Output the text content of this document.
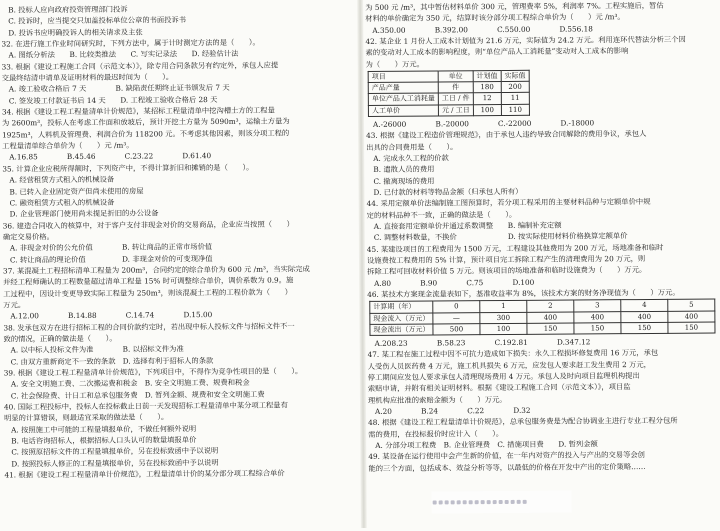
B. 投标人应向政府投资管理部门投诉
C. 投诉时，应当提交只加盖投标单位公章的书面投诉书
D. 投诉书应明确投诉人的相关请求及主张
32. 在进行施工作业时间研究时，下列方法中，属于计时测定方法的是（　　）。
A. 图纸分析法　　B. 比较类推法　　C. 写实记录法　　D. 经验估计法
33. 根据《建设工程施工合同（示范文本）》，除专用合同条款另有约定外，承包人应提
交最终结清申请单及证明材料的最迟时间为（　　）。
A. 竣工验收合格后 7 天　　　　B. 缺陷责任期终止证书颁发后 7 天
C. 签发竣工付款证书后 14 天　　D. 工程竣工验收合格后 28 天
34. 根据《建设工程工程量清单计价规范》，某招标工程量清单中挖沟槽土方的工程量
为 2600m³，投标人在考虑工作面和放坡后，预计开挖土方量为 5090m³，运输土方量为
1925m³，人料机及管理费、利润合价为 118200 元。不考虑其他因素，则该分项工程的
工程量清单综合单价为（　　）元 /m³。
A.16.85　　　　B.45.46　　　　C.23.22　　　　D.61.40
35. 计算企业应税所得额时，下列资产中，不得计算折旧和摊销的是（　　）。
A. 经营租赁方式租入的机械设备
B. 已转入企业固定资产但尚未使用的房屋
C. 融资租赁方式租入的机械设备
D. 企业管理部门使用尚未提足折旧的办公设备
36. 建造合同收入的核算中，对于客户支付非现金对价的交易商品，企业应当按照（　　）
确定交易价格。
A. 非现金对价的公允价值　　　　B. 转让商品的正常市场价值
C. 转让商品的理论价值　　　　　D. 非现金对价的可变现净值
37. 某混凝土工程招标清单工程量为 200m³，合同约定的综合单价为 600 元 /m³，当实际完成
并经工程师确认的工程数量超过清单工程量 15% 时可调整综合单价，调价系数为 0.9。施
工过程中，因设计变更导致实际工程量为 250m³，则该混凝土工程的工程价款为（　　）
万元。
A.12.00　　　　B.14.88　　　　C.14.74　　　　D.15.00
38. 发承包双方在进行招标工程的合同价款约定时，若出现中标人投标文件与招标文件不一
致的情况，正确的做法是（　　）。
A. 以中标人投标文件为准　　　　B. 以招标文件为准
C. 由双方重新商定不一致的条款　D. 选择有利于招标人的条款
39. 根据《建设工程工程量清单计价规范》，下列项目中，不得作为竞争性项目的是（　　）。
A. 安全文明施工费、二次搬运费和税金　B. 安全文明施工费、规费和税金
C. 社会保险费、计日工和总承包服务费　D. 暂列金额、规费和安全文明施工费
40. 国际工程投标中，投标人在投标截止日前一天发现招标工程量清单中某分项工程量有
明显的计算错误，则最适宜采取的做法是（　　）。
A. 按照施工中可能的工程量填报单价，不做任何额外说明
B. 电话咨询招标人，根据招标人口头认可的数量填报单价
C. 按照原招标文件的工程量填报单价，另在投标致函中予以说明
D. 按照投标人修正的工程量填报单价，另在投标致函中予以说明
41. 根据《建设工程工程量清单计价规范》，工程量清单计价的某分部分项工程综合单价
为 500 元 /m³，其中暂估材料单价 300 元，管理费率 5%，利润率 7%。工程实施后，暂估
材料的单价确定为 350 元，结算时该分部分项工程综合单价为（　　）元 /m³。
A.350.00　　　　B.392.00　　　　C.550.00　　　　D.556.18
42. 某企业 1 月份人工成本计划值为 21.6 万元，实际值为 24.2 万元。利用连环代替法分析三个因
素的变动对人工成本的影响程度，则“单位产品人工消耗量”变动对人工成本的影响
为（　　）万元。
项目	单位	计划值	实际值
产品产量	件	180	200
单位产品人工消耗量	工日 / 件	12	11
人工单价	元 / 工日	100	110
A.-26000　　　　B.-20000　　　　C.-22000　　　　D.-18000
43. 根据《建设工程造价管理规范》，由于承包人违约导致合同解除的费用争议，承包人
出具的合同费用是（　　）。
A. 完成永久工程的价款
B. 遣散人员的费用
C. 撤离现场的费用
D. 已付款的材料等物品金额（归承包人所有）
44. 采用定额单价法编制施工图预算时，若分项工程采用的主要材料品种与定额单价中规
定的材料品种不一致，正确的做法是（　　）。
A. 直接套用定额单价并通过系数调整　　B. 编制补充定额
C. 调整材料数量，不换价　　　　　　　D. 按实际使用材料价格换算定额单价
45. 某建设项目的工程费用为 1500 万元，工程建设其他费用为 200 万元，场地准备和临时
设施费按工程费用的 5% 计算，预计项目完工拆除工程产生的清理费用为 20 万元，则
拆除工程可回收材料价值 5 万元。则该项目的场地准备和临时设施费为（　　）万元。
A.80　　　　B.90　　　　C.75　　　　D.100
46. 某技术方案现金流量表如下，基准收益率为 8%，该技术方案的财务净现值为（　　）万元。
计算期（年）	0	1	2	3	4	5
现金流入（万元）	—	300	400	400	400	400
现金流出（万元）	500	100	150	150	150	150
A.208.23　　　　B.58.23　　　　C.192.81　　　　D.347.12
47. 某工程在施工过程中因不可抗力造成如下损失：永久工程损坏修复费用 16 万元，承包
人受伤人员医药费 4 万元，施工机具损失 6 万元，应发包人要求赶工发生费用 2 万元，
停工期间应发包人要求承包人清理现场费用 4 万元。承包人及时向项目监理机构提出
索赔申请，并附有相关证明材料。根据《建设工程施工合同（示范文本）》，项目监
理机构应批准的索赔金额为（　　）万元。
A.20　　　　B.24　　　　C.22　　　　D.32
48. 根据《建设工程工程量清单计价规范》，总承包服务费是为配合协调业主进行专业工程分包所
需的费用，在投标报价时应计入（　　）。
A. 分部分项工程费　B. 企业管理费　C. 措施项目费　　D. 暂列金额
49. 某设备在运行使用中会产生新的价值，在一年内对资产的投入与产出的交易等会创
能的三个方面，包括成本、效益分析等等，以最低的价格在开发中产出的定价策略……
